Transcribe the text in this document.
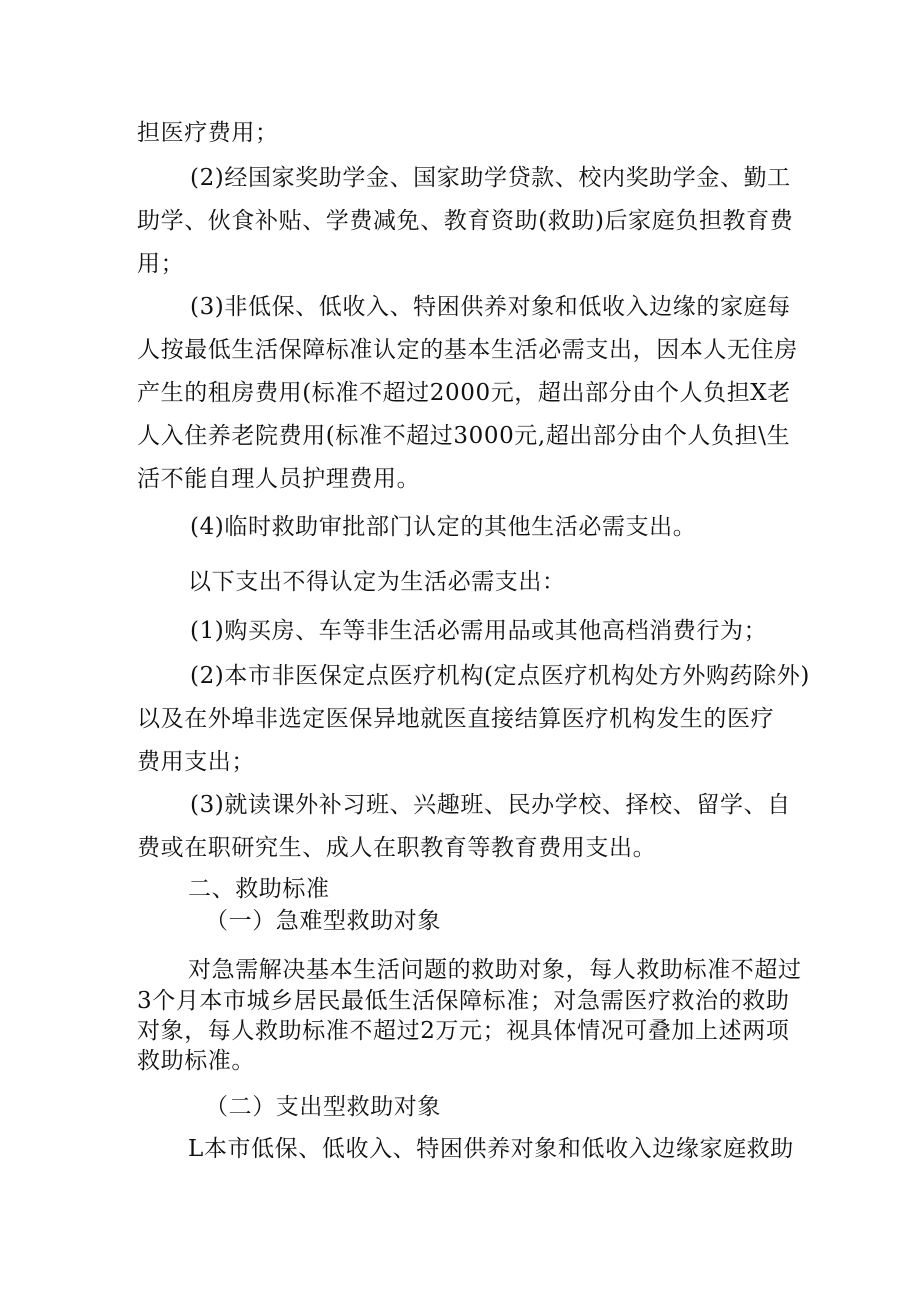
担医疗费用；
(2)经国家奖助学金、国家助学贷款、校内奖助学金、勤工
助学、伙食补贴、学费减免、教育资助(救助)后家庭负担教育费
用；
(3)非低保、低收入、特困供养对象和低收入边缘的家庭每
人按最低生活保障标准认定的基本生活必需支出，因本人无住房
产生的租房费用(标准不超过2000元，超出部分由个人负担X老
人入住养老院费用(标准不超过3000元,超出部分由个人负担\生
活不能自理人员护理费用。
(4)临时救助审批部门认定的其他生活必需支出。
以下支出不得认定为生活必需支出：
(1)购买房、车等非生活必需用品或其他高档消费行为；
(2)本市非医保定点医疗机构(定点医疗机构处方外购药除外)
以及在外埠非选定医保异地就医直接结算医疗机构发生的医疗
费用支出；
(3)就读课外补习班、兴趣班、民办学校、择校、留学、自
费或在职研究生、成人在职教育等教育费用支出。
二、救助标准
（一）急难型救助对象
对急需解决基本生活问题的救助对象，每人救助标准不超过
3个月本市城乡居民最低生活保障标准；对急需医疗救治的救助
对象，每人救助标准不超过2万元；视具体情况可叠加上述两项
救助标准。
（二）支出型救助对象
L本市低保、低收入、特困供养对象和低收入边缘家庭救助
